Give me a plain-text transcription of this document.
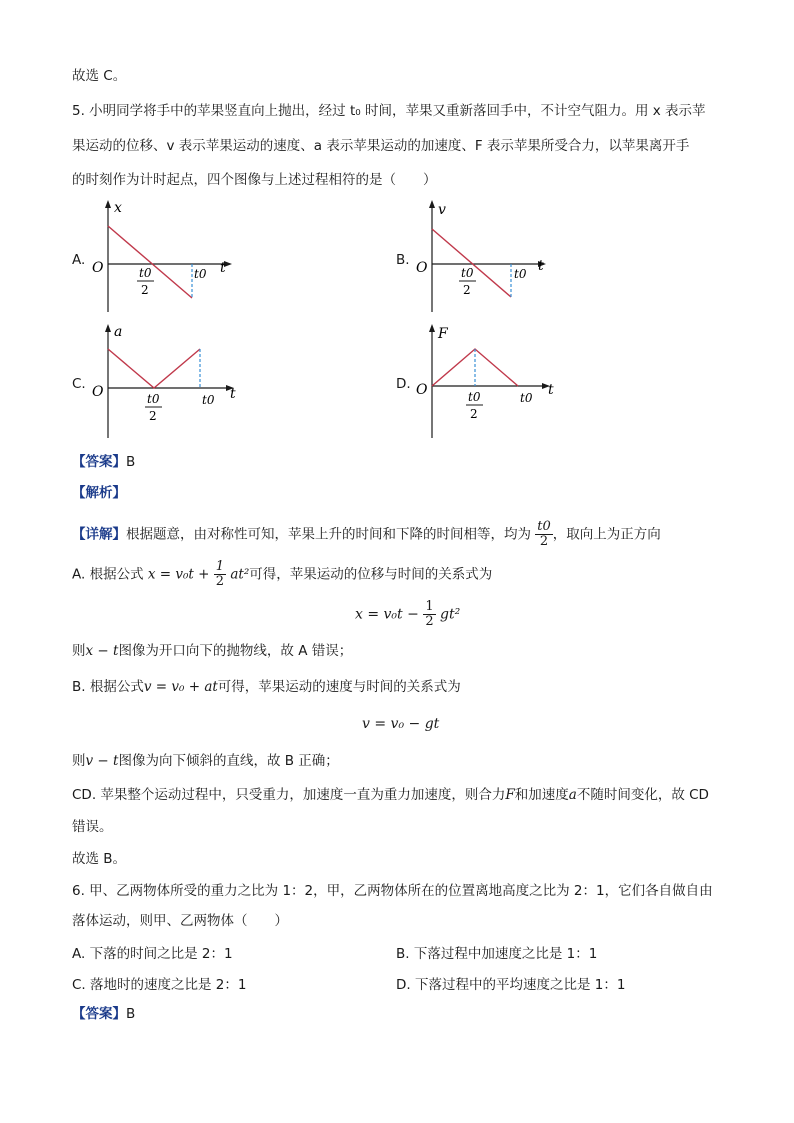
故选 C。
5. 小明同学将手中的苹果竖直向上抛出，经过 t₀ 时间，苹果又重新落回手中，不计空气阻力。用 x 表示苹
果运动的位移、v 表示苹果运动的速度、a 表示苹果运动的加速度、F 表示苹果所受合力，以苹果离开手
的时刻作为计时起点，四个图像与上述过程相符的是（　　）
A.
x
O	t
t0
2
t0
B.
v
O	t
t0
2
t0
C.
a
O	t
t0
2
t0
D.
F
O	t
t0
2
t0
【答案】B
【解析】
【详解】根据题意，由对称性可知，苹果上升的时间和下降的时间相等，均为 $\frac{t0}{2}$ ，取向上为正方向
A. 根据公式 $x = v_0t + \frac{1}{2} at^2$可得，苹果运动的位移与时间的关系式为
$x = v_0t - \frac{1}{2} gt^2$
则x − t图像为开口向下的抛物线，故 A 错误；
B. 根据公式v = v₀ + at可得，苹果运动的速度与时间的关系式为
v = v₀ − gt
则v − t图像为向下倾斜的直线，故 B 正确；
CD. 苹果整个运动过程中，只受重力，加速度一直为重力加速度，则合力F和加速度a不随时间变化，故 CD
错误。
故选 B。
6. 甲、乙两物体所受的重力之比为 1：2，甲，乙两物体所在的位置离地高度之比为 2：1，它们各自做自由
落体运动，则甲、乙两物体（　　）
A. 下落的时间之比是 2：1	B. 下落过程中加速度之比是 1：1
C. 落地时的速度之比是 2：1	D. 下落过程中的平均速度之比是 1：1
【答案】B
